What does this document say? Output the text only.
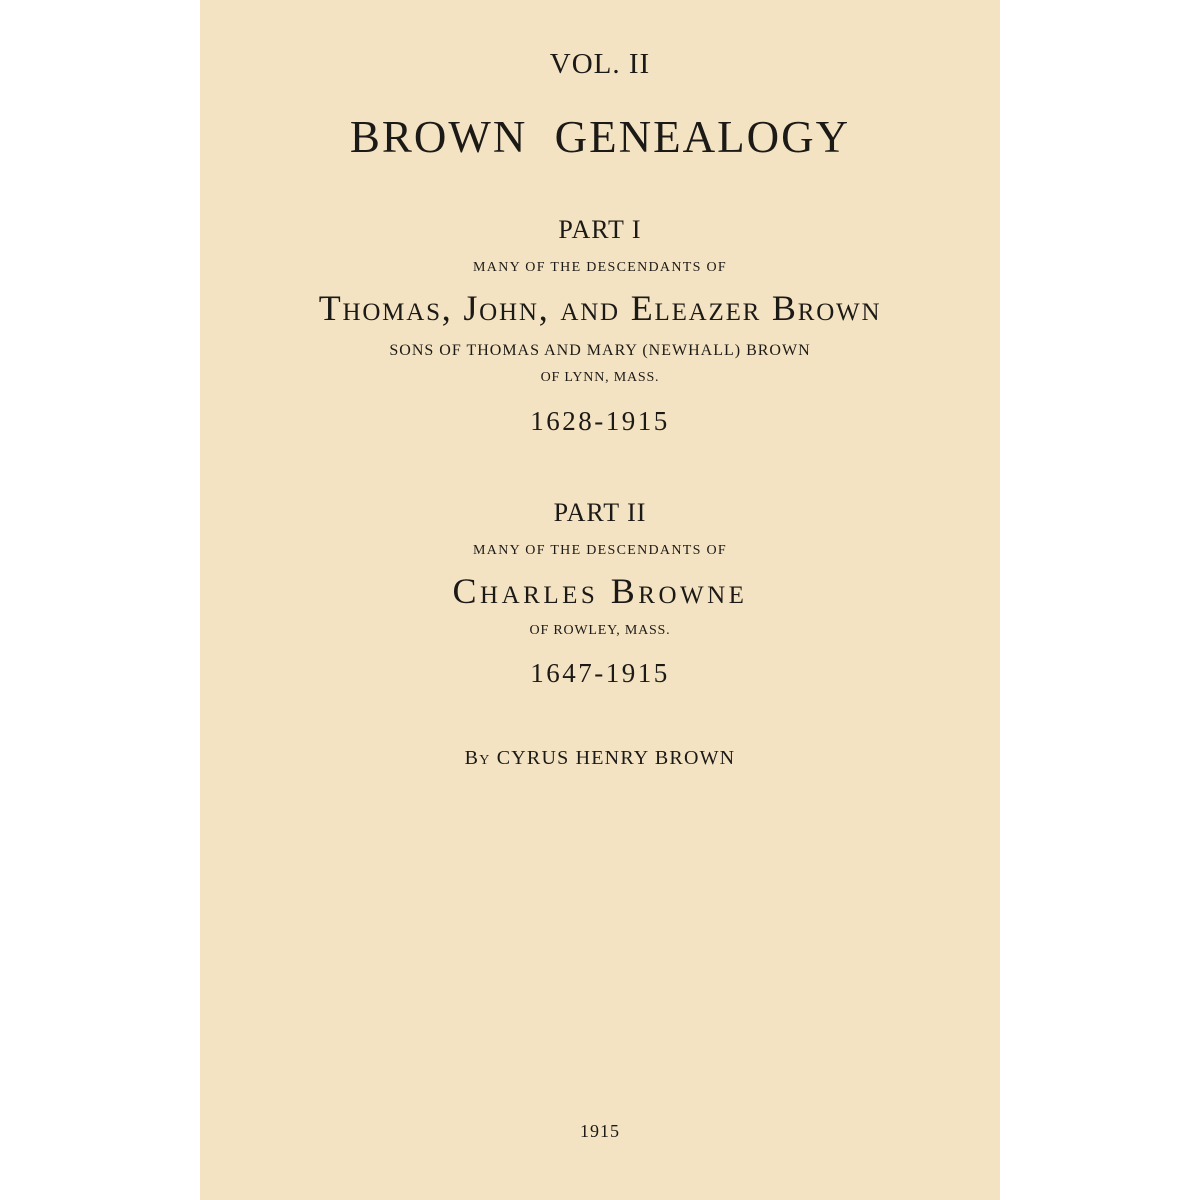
VOL. II
BROWN GENEALOGY
PART I
MANY OF THE DESCENDANTS OF
Thomas, John, and Eleazer Brown
SONS OF THOMAS AND MARY (NEWHALL) BROWN
OF LYNN, MASS.
1628-1915
PART II
MANY OF THE DESCENDANTS OF
Charles Browne
OF ROWLEY, MASS.
1647-1915
By CYRUS HENRY BROWN
1915
